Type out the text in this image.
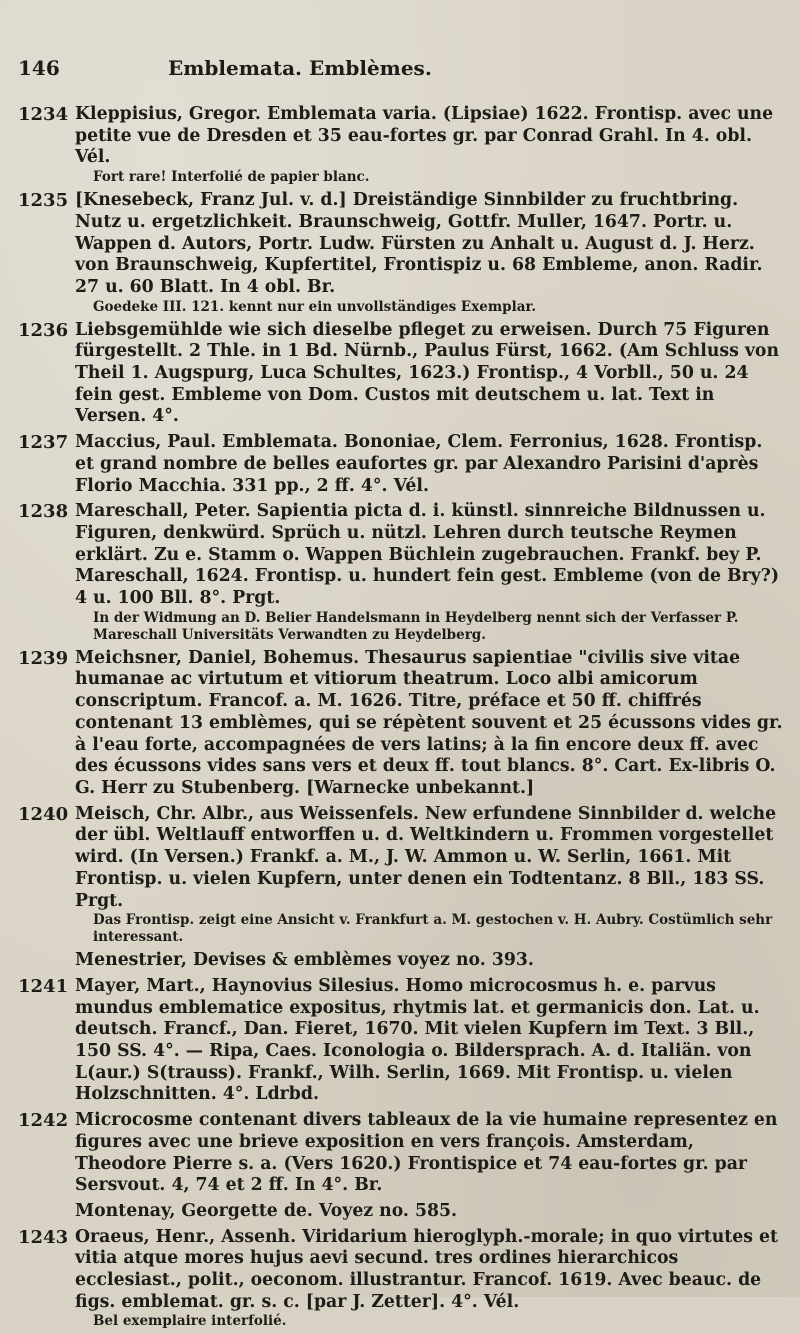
146	Emblemata. Emblèmes.
1234 Kleppisius, Gregor. Emblemata varia. (Lipsiae) 1622. Frontisp. avec une petite vue de Dresden et 35 eau-fortes gr. par Conrad Grahl. In 4. obl. Vél.

Fort rare! Interfolié de papier blanc.

1235 [Knesebeck, Franz Jul. v. d.] Dreiständige Sinnbilder zu fruchtbring. Nutz u. ergetzlichkeit. Braunschweig, Gottfr. Muller, 1647. Portr. u. Wappen d. Autors, Portr. Ludw. Fürsten zu Anhalt u. August d. J. Herz. von Braunschweig, Kupfertitel, Frontispiz u. 68 Embleme, anon. Radir. 27 u. 60 Blatt. In 4 obl. Br.

Goedeke III. 121. kennt nur ein unvollständiges Exemplar.

1236 Liebsgemühlde wie sich dieselbe pfleget zu erweisen. Durch 75 Figuren fürgestellt. 2 Thle. in 1 Bd. Nürnb., Paulus Fürst, 1662. (Am Schluss von Theil 1. Augspurg, Luca Schultes, 1623.) Frontisp., 4 Vorbll., 50 u. 24 fein gest. Embleme von Dom. Custos mit deutschem u. lat. Text in Versen. 4°.

1237 Maccius, Paul. Emblemata. Bononiae, Clem. Ferronius, 1628. Frontisp. et grand nombre de belles eaufortes gr. par Alexandro Parisini d'après Florio Macchia. 331 pp., 2 ff. 4°. Vél.

1238 Mareschall, Peter. Sapientia picta d. i. künstl. sinnreiche Bildnussen u. Figuren, denkwürd. Sprüch u. nützl. Lehren durch teutsche Reymen erklärt. Zu e. Stamm o. Wappen Büchlein zugebrauchen. Frankf. bey P. Mareschall, 1624. Frontisp. u. hundert fein gest. Embleme (von de Bry?) 4 u. 100 Bll. 8°. Prgt.

In der Widmung an D. Belier Handelsmann in Heydelberg nennt sich der Verfasser P. Mareschall Universitäts Verwandten zu Heydelberg.

1239 Meichsner, Daniel, Bohemus. Thesaurus sapientiae "civilis sive vitae humanae ac virtutum et vitiorum theatrum. Loco albi amicorum conscriptum. Francof. a. M. 1626. Titre, préface et 50 ff. chiffrés contenant 13 emblèmes, qui se répètent souvent et 25 écussons vides gr. à l'eau forte, accompagnées de vers latins; à la fin encore deux ff. avec des écussons vides sans vers et deux ff. tout blancs. 8°. Cart. Ex-libris O. G. Herr zu Stubenberg. [Warnecke unbekannt.]

1240 Meisch, Chr. Albr., aus Weissenfels. New erfundene Sinnbilder d. welche der übl. Weltlauff entworffen u. d. Weltkindern u. Frommen vorgestellet wird. (In Versen.) Frankf. a. M., J. W. Ammon u. W. Serlin, 1661. Mit Frontisp. u. vielen Kupfern, unter denen ein Todtentanz. 8 Bll., 183 SS. Prgt.

Das Frontisp. zeigt eine Ansicht v. Frankfurt a. M. gestochen v. H. Aubry. Costümlich sehr interessant.

Menestrier, Devises & emblèmes voyez no. 393.

1241 Mayer, Mart., Haynovius Silesius. Homo microcosmus h. e. parvus mundus emblematice expositus, rhytmis lat. et germanicis don. Lat. u. deutsch. Francf., Dan. Fieret, 1670. Mit vielen Kupfern im Text. 3 Bll., 150 SS. 4°. — Ripa, Caes. Iconologia o. Bildersprach. A. d. Italiän. von L(aur.) S(trauss). Frankf., Wilh. Serlin, 1669. Mit Frontisp. u. vielen Holzschnitten. 4°. Ldrbd.

1242 Microcosme contenant divers tableaux de la vie humaine representez en figures avec une brieve exposition en vers françois. Amsterdam, Theodore Pierre s. a. (Vers 1620.) Frontispice et 74 eau-fortes gr. par Sersvout. 4, 74 et 2 ff. In 4°. Br.

Montenay, Georgette de. Voyez no. 585.

1243 Oraeus, Henr., Assenh. Viridarium hieroglyph.-morale; in quo virtutes et vitia atque mores hujus aevi secund. tres ordines hierarchicos ecclesiast., polit., oeconom. illustrantur. Francof. 1619. Avec beauc. de figs. emblemat. gr. s. c. [par J. Zetter]. 4°. Vél.

Bel exemplaire interfolié.
